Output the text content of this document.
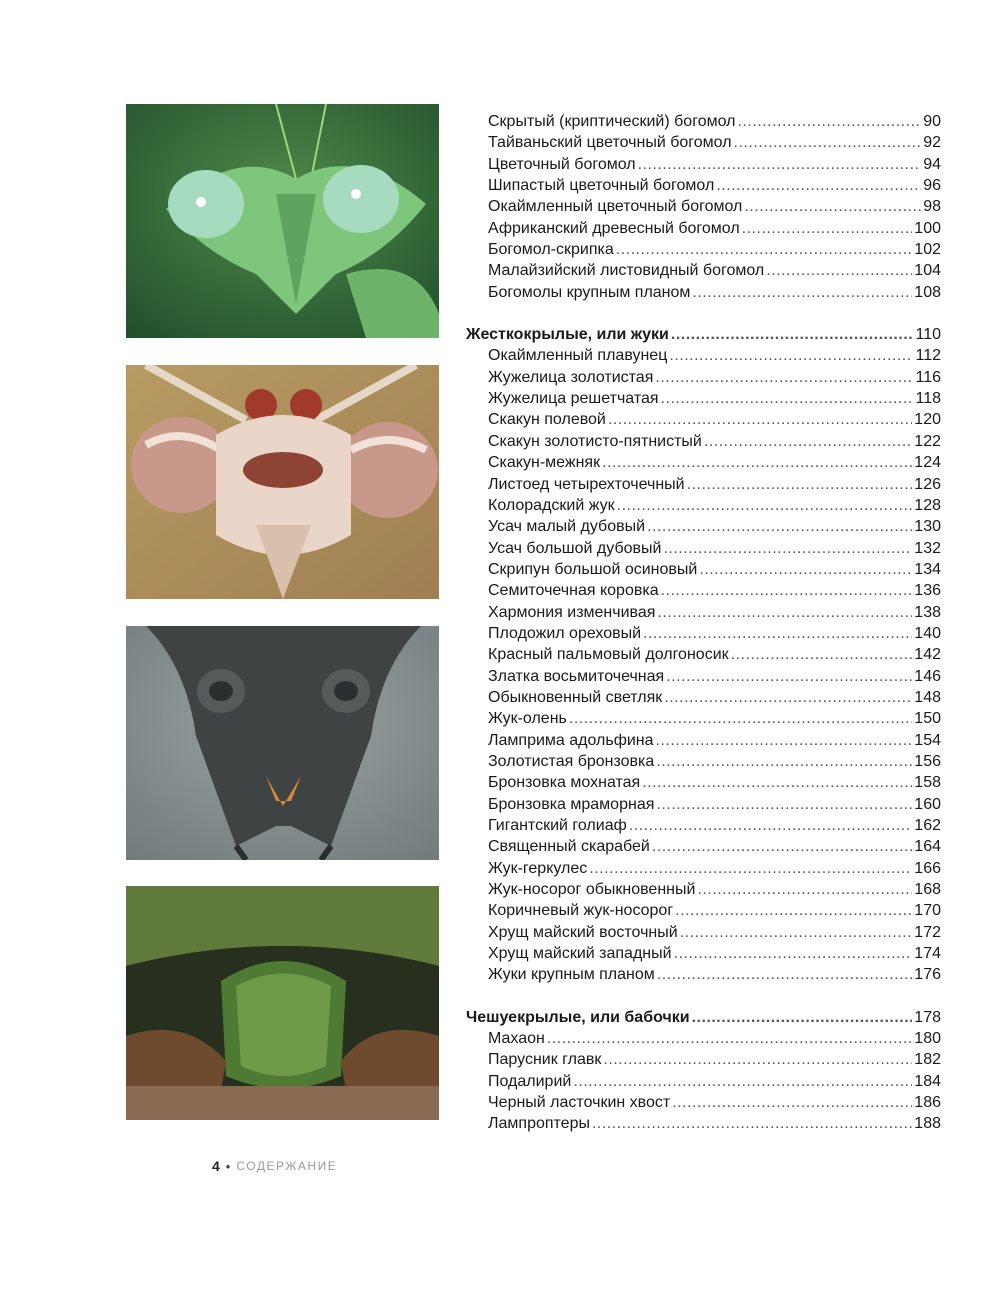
Скрытый (криптический) богомол .....	90
Тайваньский цветочный богомол .....	92
Цветочный богомол .....	94
Шипастый цветочный богомол .....	96
Окаймленный цветочный богомол .....	98
Африканский древесный богомол .....	100
Богомол-скрипка .....	102
Малайзийский листовидный богомол .....	104
Богомолы крупным планом .....	108
Жесткокрылые, или жуки .....	110
Окаймленный плавунец .....	112
Жужелица золотистая .....	116
Жужелица решетчатая .....	118
Скакун полевой .....	120
Скакун золотисто-пятнистый .....	122
Скакун-межняк .....	124
Листоед четырехточечный .....	126
Колорадский жук .....	128
Усач малый дубовый .....	130
Усач большой дубовый .....	132
Скрипун большой осиновый .....	134
Семиточечная коровка .....	136
Хармония изменчивая .....	138
Плодожил ореховый .....	140
Красный пальмовый долгоносик .....	142
Златка восьмиточечная .....	146
Обыкновенный светляк .....	148
Жук-олень .....	150
Ламприма адольфина .....	154
Золотистая бронзовка .....	156
Бронзовка мохнатая .....	158
Бронзовка мраморная .....	160
Гигантский голиаф .....	162
Священный скарабей .....	164
Жук-геркулес .....	166
Жук-носорог обыкновенный .....	168
Коричневый жук-носорог .....	170
Хрущ майский восточный .....	172
Хрущ майский западный .....	174
Жуки крупным планом .....	176
Чешуекрылые, или бабочки .....	178
Махаон .....	180
Парусник главк .....	182
Подалирий .....	184
Черный ласточкин хвост .....	186
Лампроптеры .....	188
4 • СОДЕРЖАНИЕ
